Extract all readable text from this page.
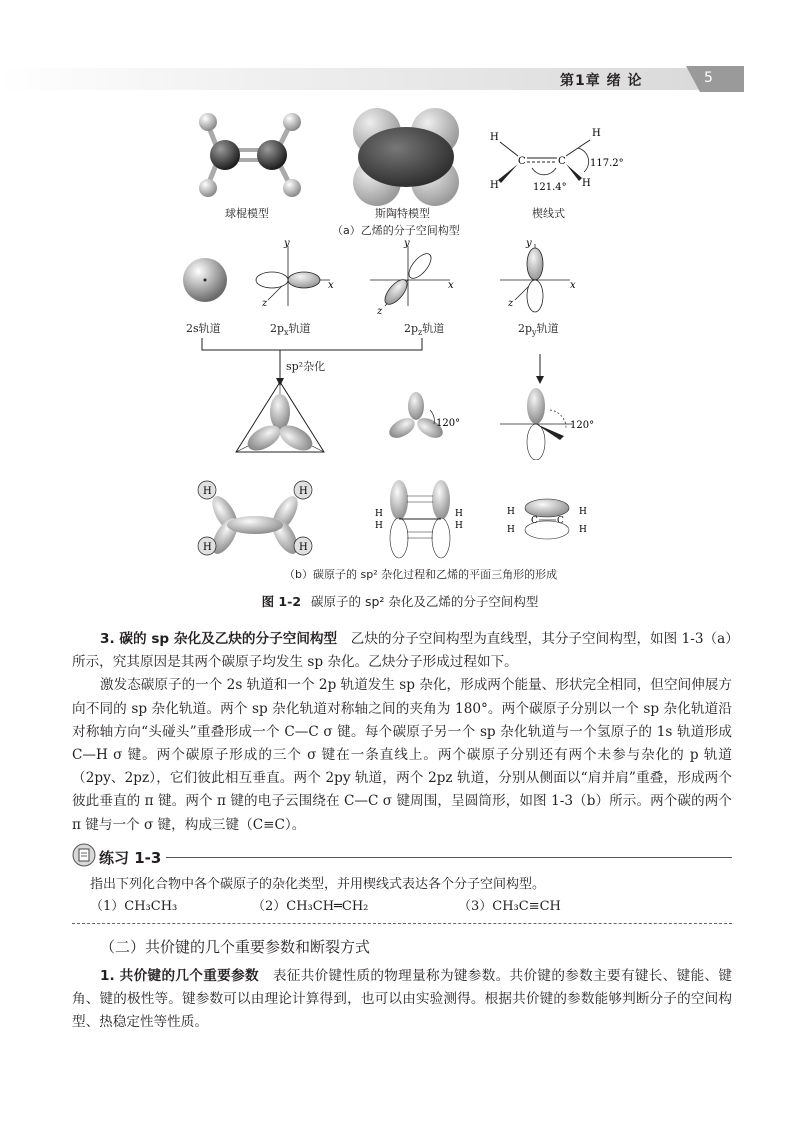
第1章 绪 论	5
H	H
H	H
C	C 117.2°
121.4°
球棍模型	斯陶特模型	楔线式
（a）乙烯的分子空间构型
y
x
z
y
x
z
y
x
z
2s轨道	$2p_x$轨道	$2p_z$轨道	$2p_y$轨道
sp²杂化
120°	120°
H	H
H	H
H
H
H
H	C C
H
H
H
H
（b）碳原子的 sp² 杂化过程和乙烯的平面三角形的形成
图 1-2 碳原子的 sp² 杂化及乙烯的分子空间构型

3. 碳的 sp 杂化及乙炔的分子空间构型　 乙炔的分子空间构型为直线型，其分子空间构型，如图 1-3（a）所示，究其原因是其两个碳原子均发生 sp 杂化。乙炔分子形成过程如下。

激发态碳原子的一个 2s 轨道和一个 2p 轨道发生 sp 杂化，形成两个能量、形状完全相同，但空间伸展方向不同的 sp 杂化轨道。两个 sp 杂化轨道对称轴之间的夹角为 180°。两个碳原子分别以一个 sp 杂化轨道沿对称轴方向“头碰头”重叠形成一个 C—C σ 键。每个碳原子另一个 sp 杂化轨道与一个氢原子的 1s 轨道形成 C—H σ 键。两个碳原子形成的三个 σ 键在一条直线上。两个碳原子分别还有两个未参与杂化的 p 轨道（2py、2pz），它们彼此相互垂直。两个 2py 轨道，两个 2pz 轨道，分别从侧面以“肩并肩”重叠，形成两个彼此垂直的 π 键。两个 π 键的电子云围绕在 C—C σ 键周围，呈圆筒形，如图 1-3（b）所示。两个碳的两个 π 键与一个 σ 键，构成三键（C≡C）。

练习 1-3
指出下列化合物中各个碳原子的杂化类型，并用楔线式表达各个分子空间构型。
（1）CH₃CH₃	（2）CH₃CH═CH₂	（3）CH₃C≡CH
（二）共价键的几个重要参数和断裂方式

1. 共价键的几个重要参数　 表征共价键性质的物理量称为键参数。共价键的参数主要有键长、键能、键角、键的极性等。键参数可以由理论计算得到，也可以由实验测得。根据共价键的参数能够判断分子的空间构型、热稳定性等性质。
